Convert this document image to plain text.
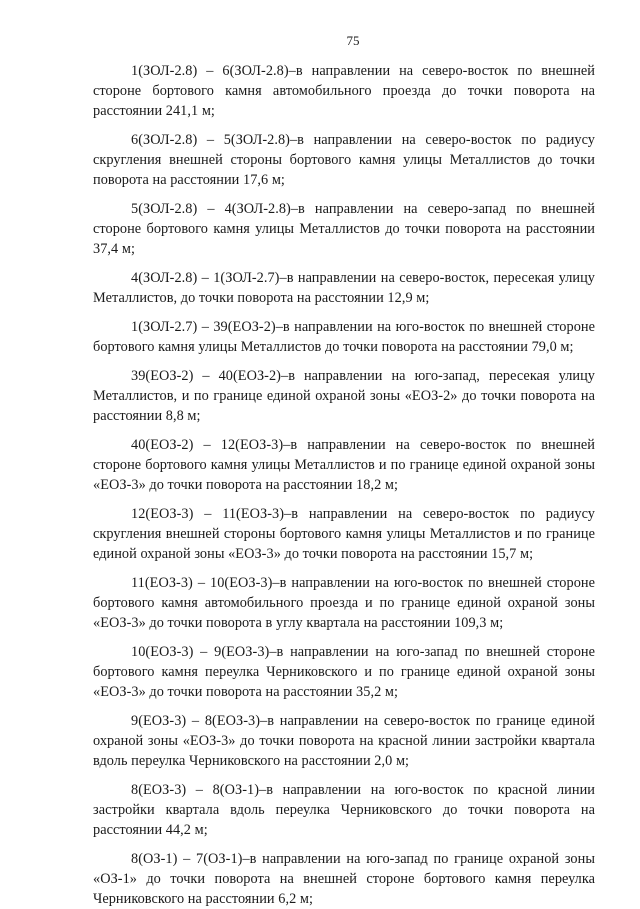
75

1(ЗОЛ-2.8) – 6(ЗОЛ-2.8)–в направлении на северо-восток по внешней стороне бортового камня автомобильного проезда до точки поворота на расстоянии 241,1 м;

6(ЗОЛ-2.8) – 5(ЗОЛ-2.8)–в направлении на северо-восток по радиусу скругления внешней стороны бортового камня улицы Металлистов до точки поворота на расстоянии 17,6 м;

5(ЗОЛ-2.8) – 4(ЗОЛ-2.8)–в направлении на северо-запад по внешней стороне бортового камня улицы Металлистов до точки поворота на расстоянии 37,4 м;

4(ЗОЛ-2.8) – 1(ЗОЛ-2.7)–в направлении на северо-восток, пересекая улицу Металлистов, до точки поворота на расстоянии 12,9 м;

1(ЗОЛ-2.7) – 39(ЕОЗ-2)–в направлении на юго-восток по внешней стороне бортового камня улицы Металлистов до точки поворота на расстоянии 79,0 м;

39(ЕОЗ-2) – 40(ЕОЗ-2)–в направлении на юго-запад, пересекая улицу Металлистов, и по границе единой охраной зоны «ЕОЗ-2» до точки поворота на расстоянии 8,8 м;

40(ЕОЗ-2) – 12(ЕОЗ-3)–в направлении на северо-восток по внешней стороне бортового камня улицы Металлистов и по границе единой охраной зоны «ЕОЗ-3» до точки поворота на расстоянии 18,2 м;

12(ЕОЗ-3) – 11(ЕОЗ-3)–в направлении на северо-восток по радиусу скругления внешней стороны бортового камня улицы Металлистов и по границе единой охраной зоны «ЕОЗ-3» до точки поворота на расстоянии 15,7 м;

11(ЕОЗ-3) – 10(ЕОЗ-3)–в направлении на юго-восток по внешней стороне бортового камня автомобильного проезда и по границе единой охраной зоны «ЕОЗ-3» до точки поворота в углу квартала на расстоянии 109,3 м;

10(ЕОЗ-3) – 9(ЕОЗ-3)–в направлении на юго-запад по внешней стороне бортового камня переулка Черниковского и по границе единой охраной зоны «ЕОЗ-3» до точки поворота на расстоянии 35,2 м;

9(ЕОЗ-3) – 8(ЕОЗ-3)–в направлении на северо-восток по границе единой охраной зоны «ЕОЗ-3» до точки поворота на красной линии застройки квартала вдоль переулка Черниковского на расстоянии 2,0 м;

8(ЕОЗ-3) – 8(ОЗ-1)–в направлении на юго-восток по красной линии застройки квартала вдоль переулка Черниковского до точки поворота на расстоянии 44,2 м;

8(ОЗ-1) – 7(ОЗ-1)–в направлении на юго-запад по границе охраной зоны «ОЗ-1» до точки поворота на внешней стороне бортового камня переулка Черниковского на расстоянии 6,2 м;
